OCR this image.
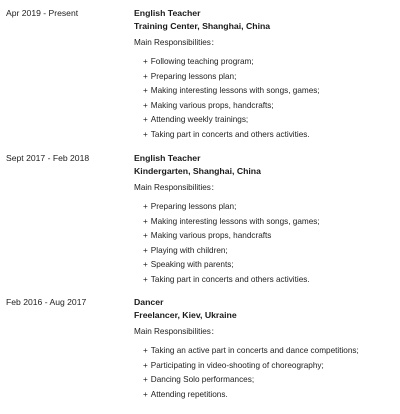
Apr 2019 - Present	English Teacher
Training Center, Shanghai, China
Main Responsibilities：
+ Following teaching program;
+ Preparing lessons plan;
+ Making interesting lessons with songs, games;
+ Making various props, handcrafts;
+ Attending weekly trainings;
+ Taking part in concerts and others activities.
Sept 2017 - Feb 2018	English Teacher
Kindergarten, Shanghai, China
Main Responsibilities：
+ Preparing lessons plan;
+ Making interesting lessons with songs, games;
+ Making various props, handcrafts
+ Playing with children;
+ Speaking with parents;
+ Taking part in concerts and others activities.
Feb 2016 - Aug 2017	Dancer
Freelancer, Kiev, Ukraine
Main Responsibilities：
+ Taking an active part in concerts and dance competitions;
+ Participating in video-shooting of choreography;
+ Dancing Solo performances;
+ Attending repetitions.
